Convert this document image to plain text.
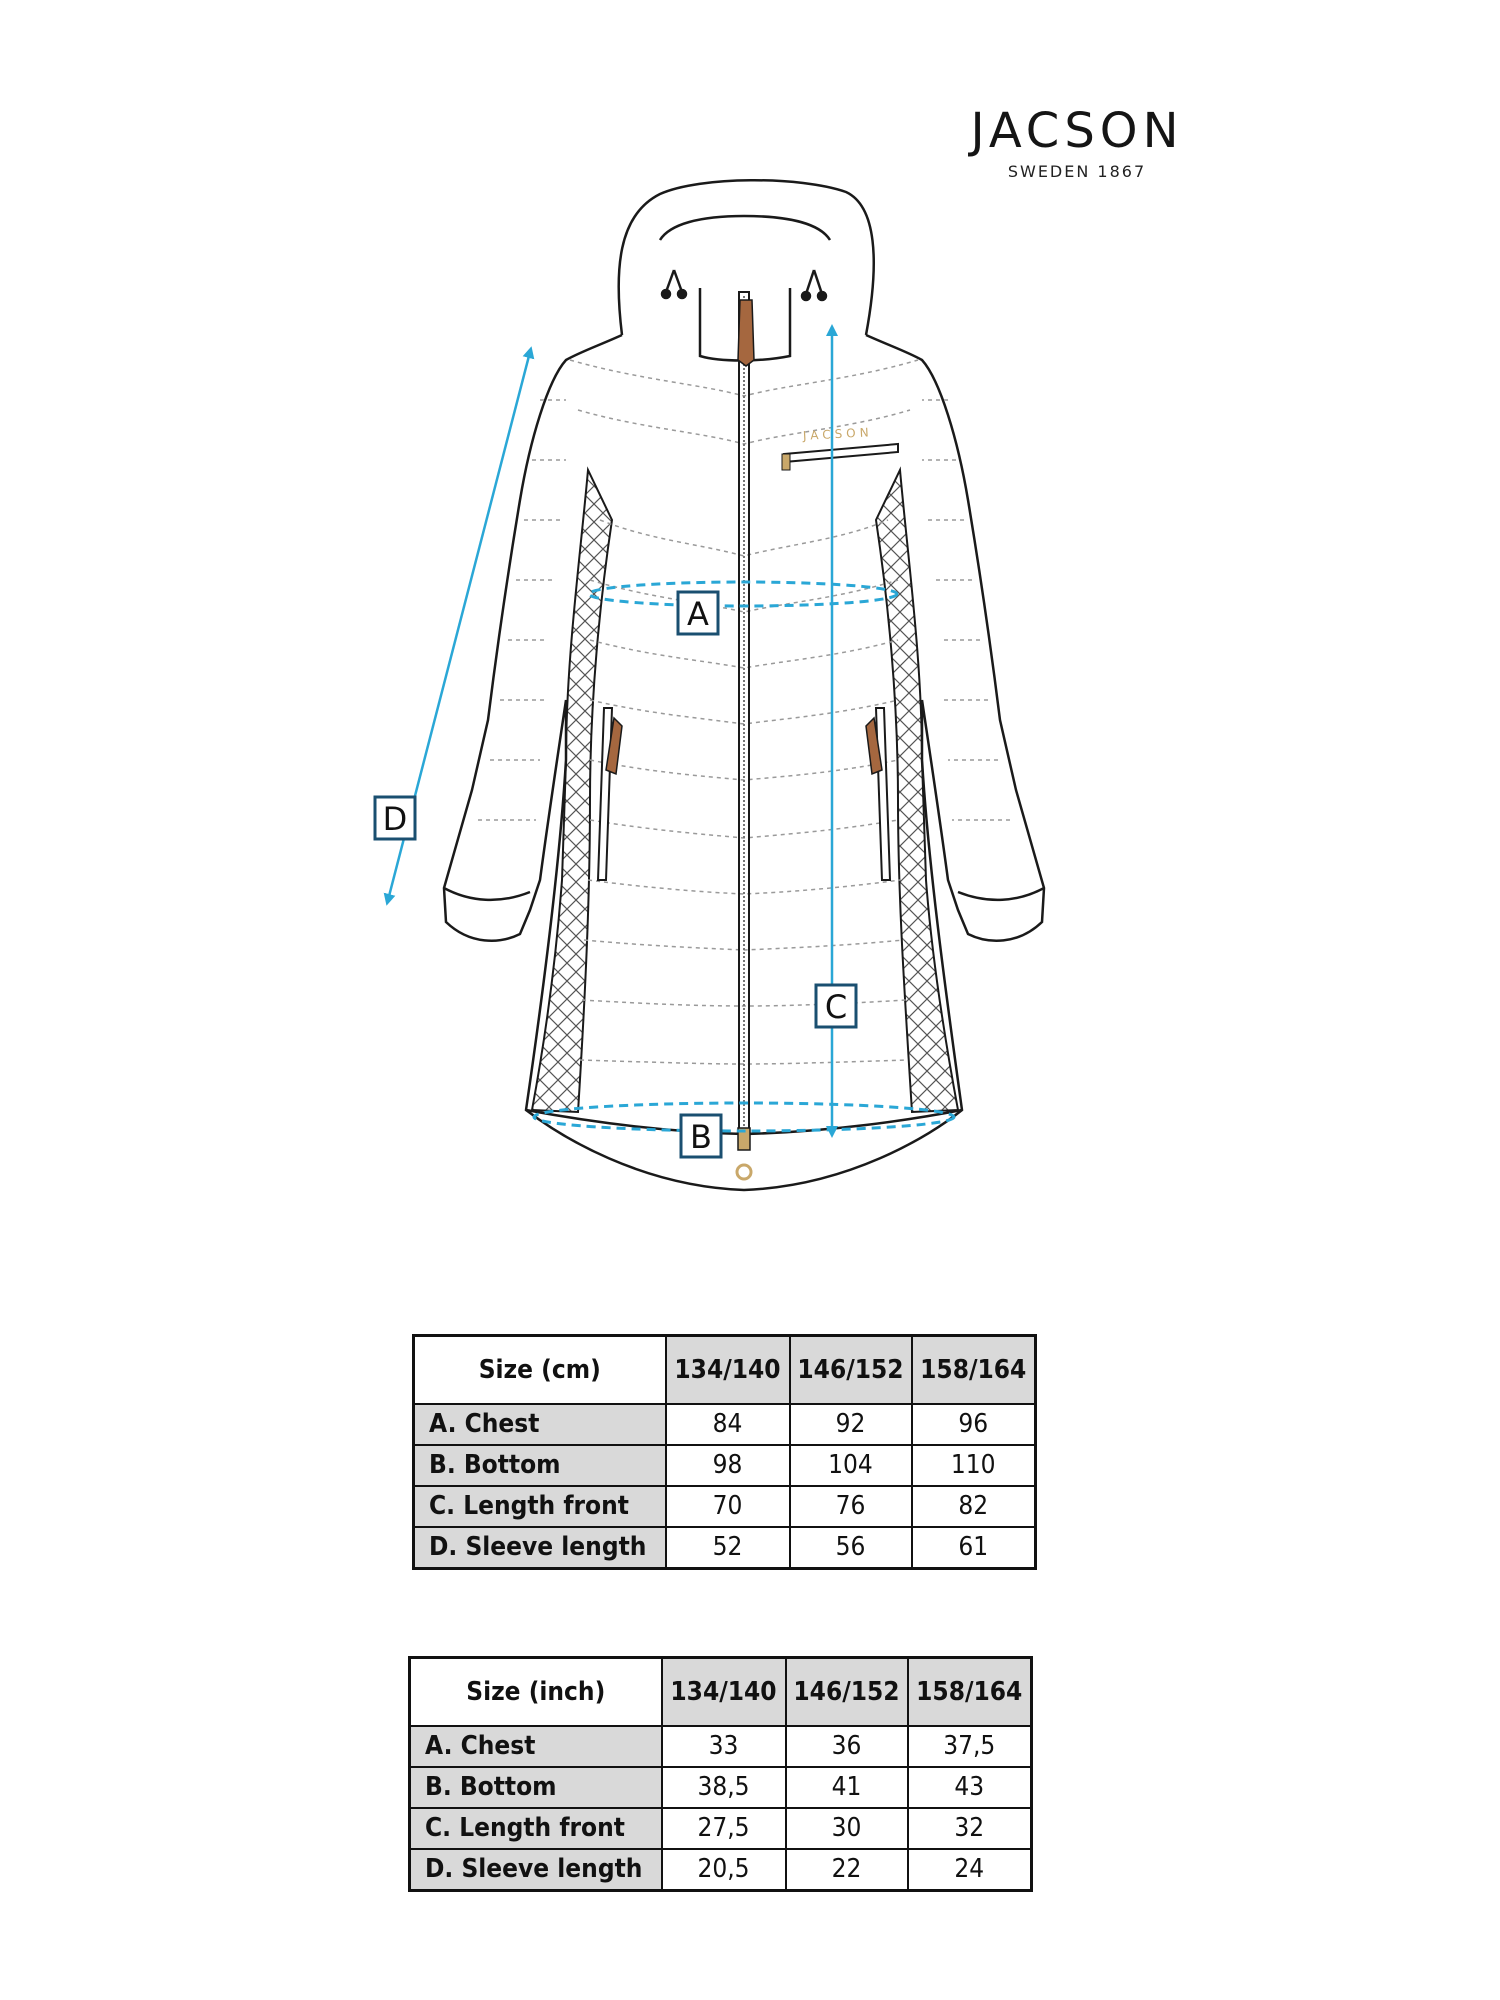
JACSON
SWEDEN 1867
JACSON
A
B
C
D
Size (cm)	134/140	146/152	158/164
A. Chest	84	92	96
B. Bottom	98	104	110
C. Length front	70	76	82
D. Sleeve length	52	56	61
Size (inch)	134/140	146/152	158/164
A. Chest	33	36	37,5
B. Bottom	38,5	41	43
C. Length front	27,5	30	32
D. Sleeve length	20,5	22	24
